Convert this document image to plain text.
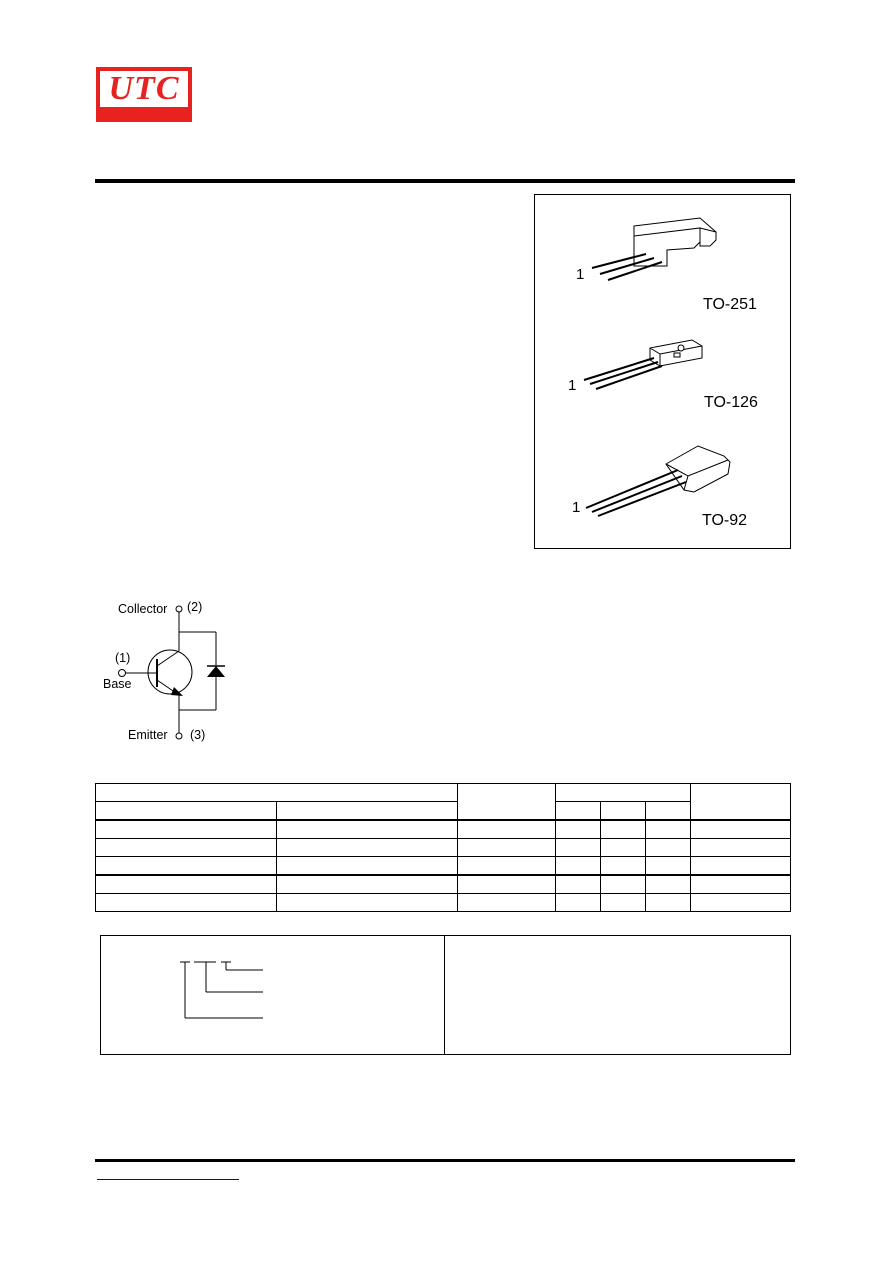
UTC
1
TO-251
1
TO-126
1
TO-92
Collector (2)
(1)
Base
Emitter (3)
